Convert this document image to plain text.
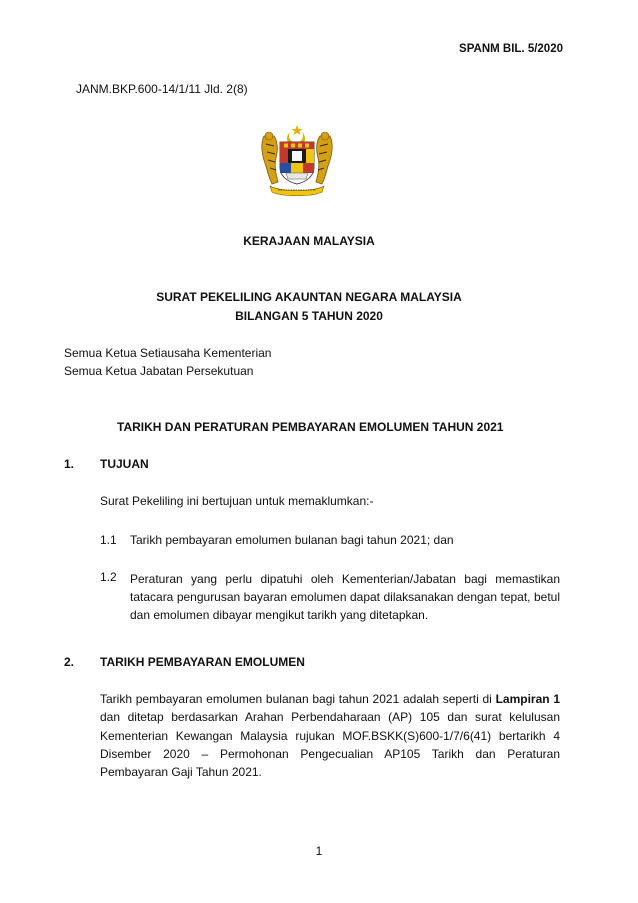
SPANM BIL. 5/2020
JANM.BKP.600-14/1/11 Jld. 2(8)
KERAJAAN MALAYSIA
SURAT PEKELILING AKAUNTAN NEGARA MALAYSIA
BILANGAN 5 TAHUN 2020
Semua Ketua Setiausaha Kementerian
Semua Ketua Jabatan Persekutuan
TARIKH DAN PERATURAN PEMBAYARAN EMOLUMEN TAHUN 2021
1. TUJUAN
Surat Pekeliling ini bertujuan untuk memaklumkan:-
1.1 Tarikh pembayaran emolumen bulanan bagi tahun 2021; dan
1.2 Peraturan yang perlu dipatuhi oleh Kementerian/Jabatan bagi memastikan tatacara pengurusan bayaran emolumen dapat dilaksanakan dengan tepat, betul dan emolumen dibayar mengikut tarikh yang ditetapkan.
2. TARIKH PEMBAYARAN EMOLUMEN
Tarikh pembayaran emolumen bulanan bagi tahun 2021 adalah seperti di Lampiran 1 dan ditetap berdasarkan Arahan Perbendaharaan (AP) 105 dan surat kelulusan Kementerian Kewangan Malaysia rujukan MOF.BSKK(S)600-1/7/6(41) bertarikh 4 Disember 2020 – Permohonan Pengecualian AP105 Tarikh dan Peraturan Pembayaran Gaji Tahun 2021.
1
